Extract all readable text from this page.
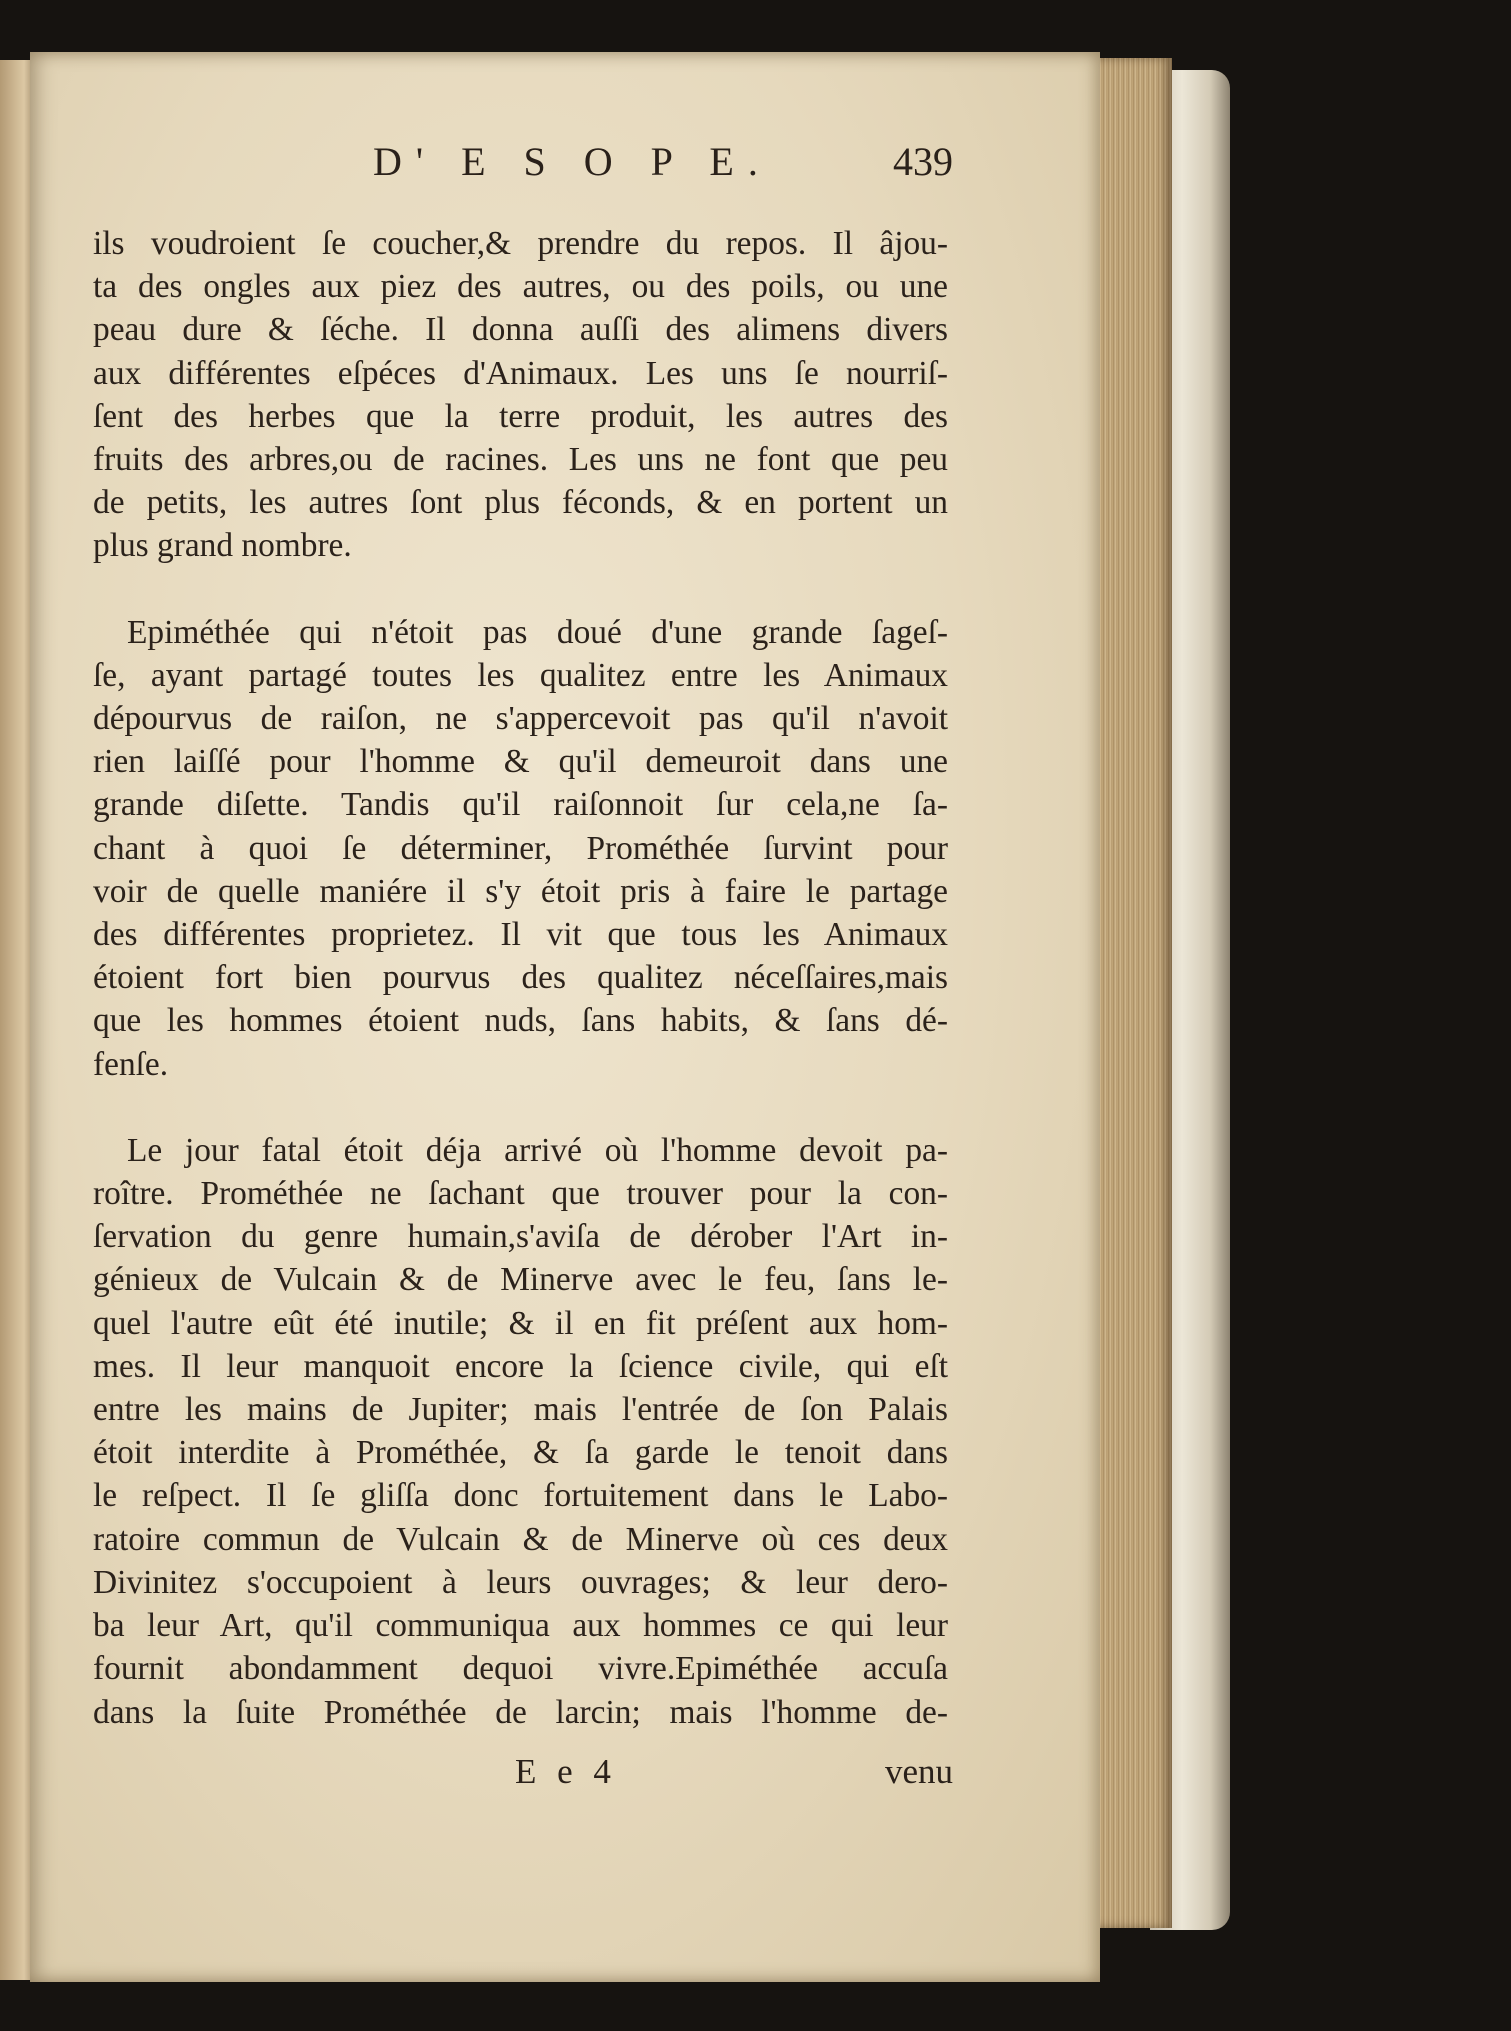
D' E S O P E.	439

ils voudroient ſe coucher,& prendre du repos. Il âjou-
ta des ongles aux piez des autres, ou des poils, ou une
peau dure & ſéche. Il donna auſſi des alimens divers
aux différentes eſpéces d'Animaux. Les uns ſe nourriſ-
ſent des herbes que la terre produit, les autres des
fruits des arbres,ou de racines. Les uns ne font que peu
de petits, les autres ſont plus féconds, & en portent un
plus grand nombre.

Epiméthée qui n'étoit pas doué d'une grande ſageſ-
ſe, ayant partagé toutes les qualitez entre les Animaux
dépourvus de raiſon, ne s'appercevoit pas qu'il n'avoit
rien laiſſé pour l'homme & qu'il demeuroit dans une
grande diſette. Tandis qu'il raiſonnoit ſur cela,ne ſa-
chant à quoi ſe déterminer, Prométhée ſurvint pour
voir de quelle maniére il s'y étoit pris à faire le partage
des différentes proprietez. Il vit que tous les Animaux
étoient fort bien pourvus des qualitez néceſſaires,mais
que les hommes étoient nuds, ſans habits, & ſans dé-
fenſe.

Le jour fatal étoit déja arrivé où l'homme devoit pa-
roître. Prométhée ne ſachant que trouver pour la con-
ſervation du genre humain,s'aviſa de dérober l'Art in-
génieux de Vulcain & de Minerve avec le feu, ſans le-
quel l'autre eût été inutile; & il en fit préſent aux hom-
mes. Il leur manquoit encore la ſcience civile, qui eſt
entre les mains de Jupiter; mais l'entrée de ſon Palais
étoit interdite à Prométhée, & ſa garde le tenoit dans
le reſpect. Il ſe gliſſa donc fortuitement dans le Labo-
ratoire commun de Vulcain & de Minerve où ces deux
Divinitez s'occupoient à leurs ouvrages; & leur dero-
ba leur Art, qu'il communiqua aux hommes ce qui leur
fournit abondamment dequoi vivre.Epiméthée accuſa
dans la ſuite Prométhée de larcin; mais l'homme de-

E e 4	venu
